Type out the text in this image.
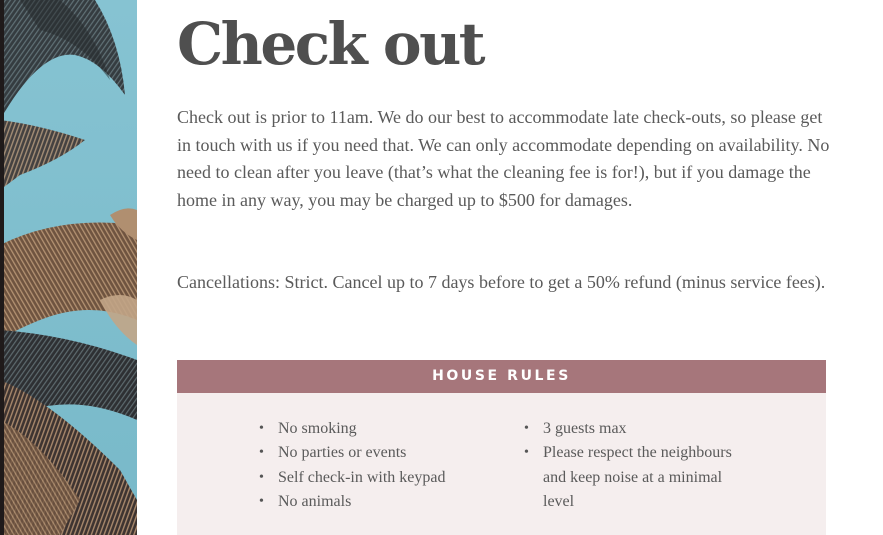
Check out

Check out is prior to 11am. We do our best to accommodate late check-outs, so please get in touch with us if you need that. We can only accommodate depending on availability. No need to clean after you leave (that’s what the cleaning fee is for!), but if you damage the home in any way, you may be charged up to $500 for damages.

Cancellations: Strict. Cancel up to 7 days before to get a 50% refund (minus service fees).

HOUSE RULES
• No smoking
• No parties or events
• Self check-in with keypad
• No animals
• 3 guests max
• Please respect the neighbours and keep noise at a minimal level
